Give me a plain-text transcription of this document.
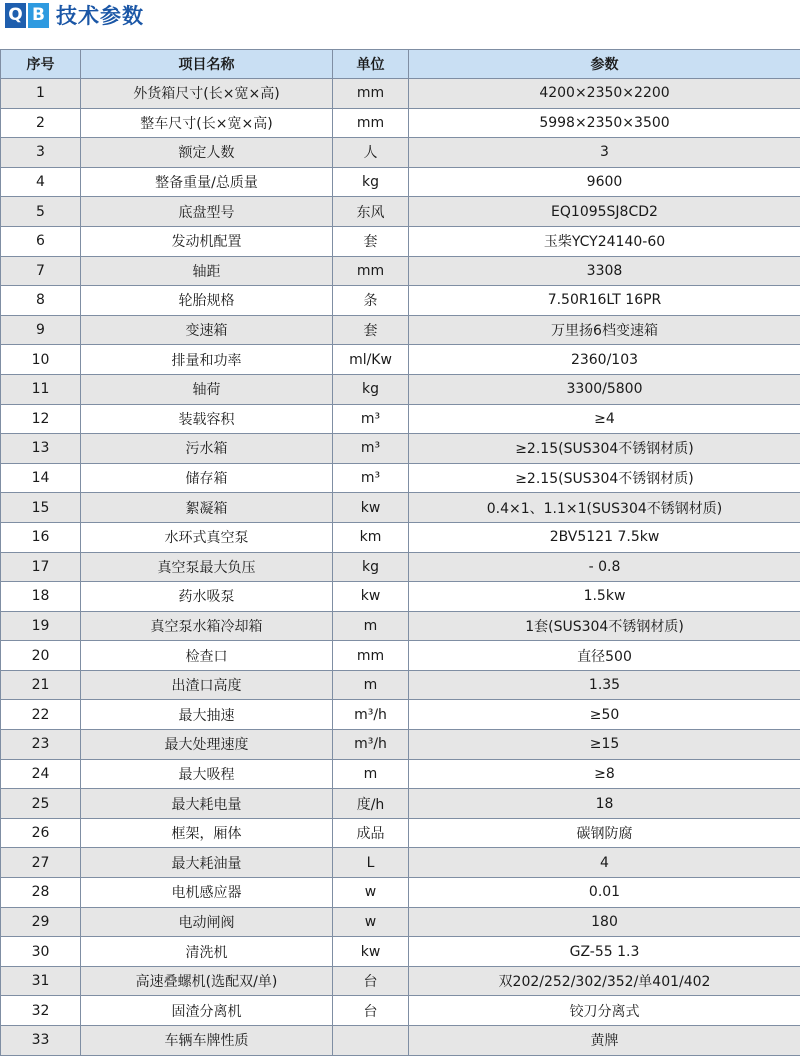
Q B 技术参数
序号	项目名称	单位	参数
1	外货箱尺寸(长×宽×高)	mm	4200×2350×2200
2	整车尺寸(长×宽×高)	mm	5998×2350×3500
3	额定人数	人	3
4	整备重量/总质量	kg	9600
5	底盘型号	东风	EQ1095SJ8CD2
6	发动机配置	套	玉柴YCY24140-60
7	轴距	mm	3308
8	轮胎规格	条	7.50R16LT 16PR
9	变速箱	套	万里扬6档变速箱
10	排量和功率	ml/Kw	2360/103
11	轴荷	kg	3300/5800
12	装载容积	m³	≥4
13	污水箱	m³	≥2.15(SUS304不锈钢材质)
14	储存箱	m³	≥2.15(SUS304不锈钢材质)
15	絮凝箱	kw	0.4×1、1.1×1(SUS304不锈钢材质)
16	水环式真空泵	km	2BV5121 7.5kw
17	真空泵最大负压	kg	- 0.8
18	药水吸泵	kw	1.5kw
19	真空泵水箱冷却箱	m	1套(SUS304不锈钢材质)
20	检查口	mm	直径500
21	出渣口高度	m	1.35
22	最大抽速	m³/h	≥50
23	最大处理速度	m³/h	≥15
24	最大吸程	m	≥8
25	最大耗电量	度/h	18
26	框架，厢体	成品	碳钢防腐
27	最大耗油量	L	4
28	电机感应器	w	0.01
29	电动闸阀	w	180
30	清洗机	kw	GZ-55 1.3
31	高速叠螺机(选配双/单)	台	双202/252/302/352/单401/402
32	固渣分离机	台	铰刀分离式
33	车辆车牌性质		黄牌
